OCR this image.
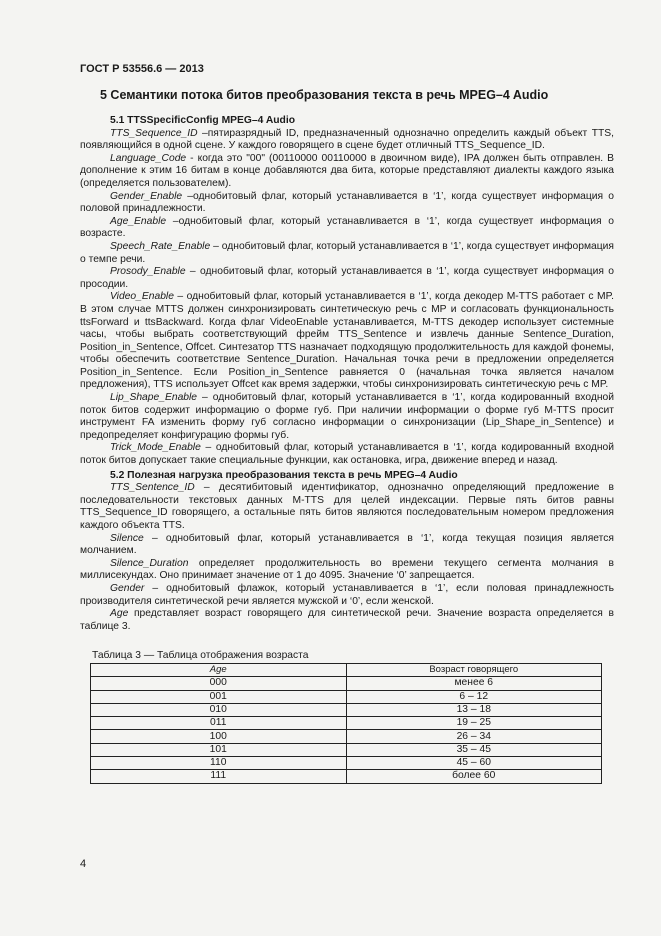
ГОСТ Р 53556.6 — 2013
5 Семантики потока битов преобразования текста в речь MPEG–4 Audio
5.1 TTSSpecificConfig MPEG–4 Audio

TTS_Sequence_ID –пятиразрядный ID, предназначенный однозначно определить каждый объект TTS, появляющийся в одной сцене. У каждого говорящего в сцене будет отличный TTS_Sequence_ID.

Language_Code - когда это "00" (00110000 00110000 в двоичном виде), IPA должен быть отправлен. В дополнение к этим 16 битам в конце добавляются два бита, которые представляют диалекты каждого языка (определяется пользователем).

Gender_Enable –однобитовый флаг, который устанавливается в ‘1’, когда существует информация о половой принадлежности.

Age_Enable –однобитовый флаг, который устанавливается в ‘1’, когда существует информация о возрасте.

Speech_Rate_Enable – однобитовый флаг, который устанавливается в ‘1’, когда существует информация о темпе речи.

Prosody_Enable – однобитовый флаг, который устанавливается в ‘1’, когда существует информация о просодии.

Video_Enable – однобитовый флаг, который устанавливается в ‘1’, когда декодер M-TTS работает с MP. В этом случае MTTS должен синхронизировать синтетическую речь с MP и согласовать функциональность ttsForward и ttsBackward. Когда флаг VideoEnable устанавливается, M-TTS декодер использует системные часы, чтобы выбрать соответствующий фрейм TTS_Sentence и извлечь данные Sentence_Duration, Position_in_Sentence, Offcet. Синтезатор TTS назначает подходящую продолжительность для каждой фонемы, чтобы обеспечить соответствие Sentence_Duration. Начальная точка речи в предложении определяется Position_in_Sentence. Если Position_in_Sentence равняется 0 (начальная точка является началом предложения), TTS использует Offcet как время задержки, чтобы синхронизировать синтетическую речь с MP.

Lip_Shape_Enable – однобитовый флаг, который устанавливается в ‘1’, когда кодированный входной поток битов содержит информацию о форме губ. При наличии информации о форме губ M-TTS просит инструмент FA изменить форму губ согласно информации о синхронизации (Lip_Shape_in_Sentence) и предопределяет конфигурацию формы губ.

Trick_Mode_Enable – однобитовый флаг, который устанавливается в ‘1’, когда кодированный входной поток битов допускает такие специальные функции, как остановка, игра, движение вперед и назад.

5.2 Полезная нагрузка преобразования текста в речь MPEG–4 Audio

TTS_Sentence_ID – десятибитовый идентификатор, однозначно определяющий предложение в последовательности текстовых данных M-TTS для целей индексации. Первые пять битов равны TTS_Sequence_ID говорящего, а остальные пять битов являются последовательным номером предложения каждого объекта TTS.

Silence – однобитовый флаг, который устанавливается в ‘1’, когда текущая позиция является молчанием.

Silence_Duration определяет продолжительность во времени текущего сегмента молчания в миллисекундах. Оно принимает значение от 1 до 4095. Значение ‘0’ запрещается.

Gender – однобитовый флажок, который устанавливается в ‘1’, если половая принадлежность производителя синтетической речи является мужской и ‘0’, если женской.

Age представляет возраст говорящего для синтетической речи. Значение возраста определяется в таблице 3.

Таблица 3 — Таблица отображения возраста
Age	Возраст говорящего
000	менее 6
001	6 – 12
010	13 – 18
011	19 – 25
100	26 – 34
101	35 – 45
110	45 – 60
111	более 60
4
